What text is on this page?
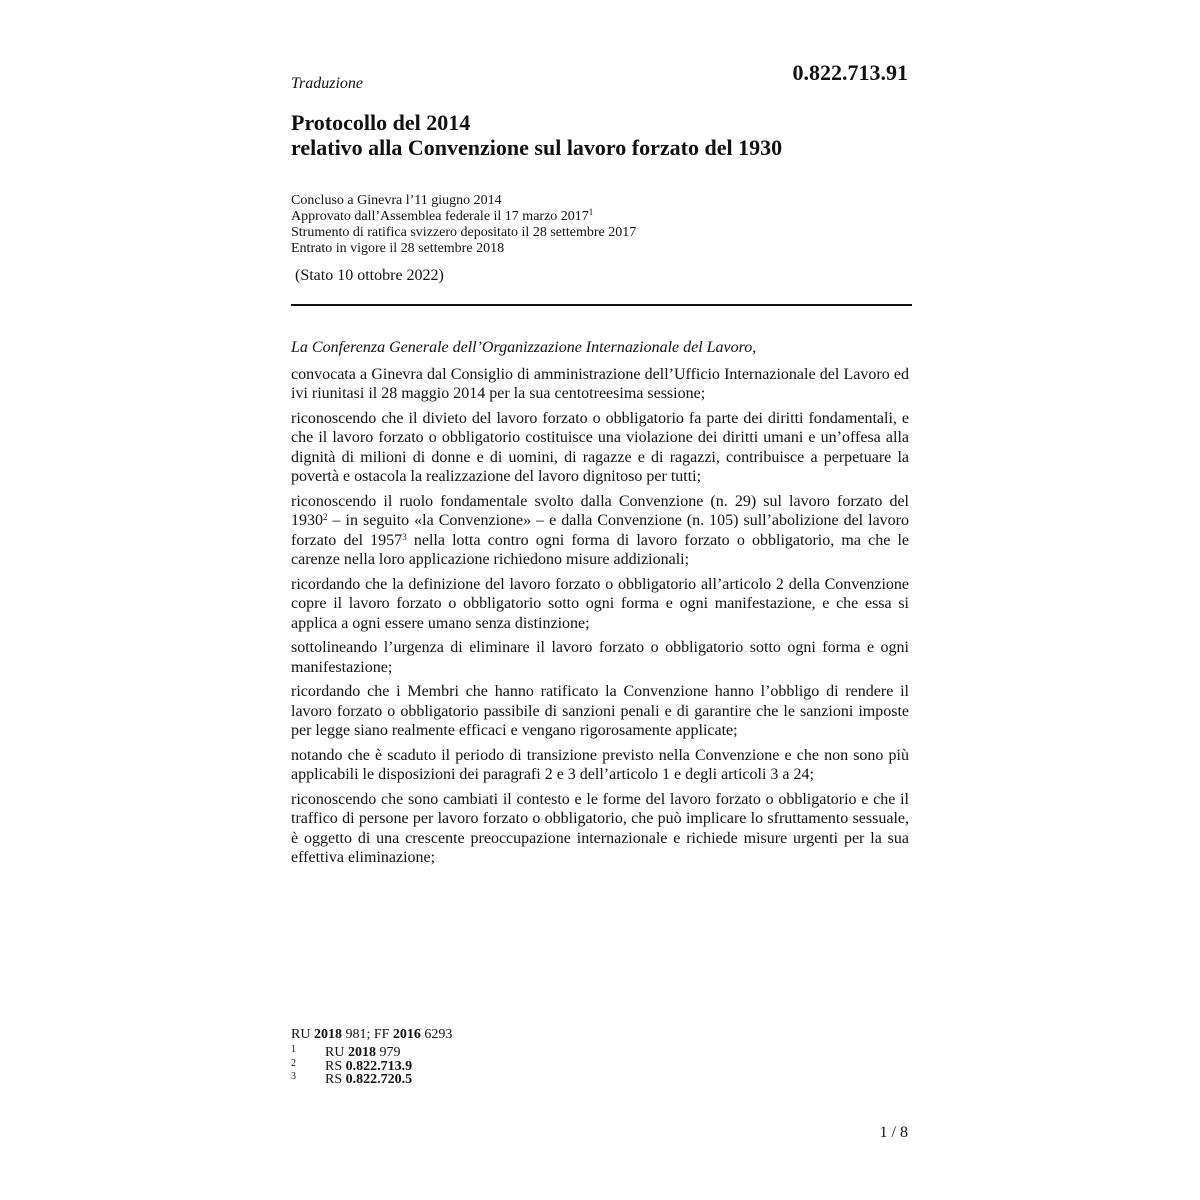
Traduzione	0.822.713.91

Protocollo del 2014
relativo alla Convenzione sul lavoro forzato del 1930
Concluso a Ginevra l’11 giugno 2014
Approvato dall’Assemblea federale il 17 marzo 2017$^1$
Strumento di ratifica svizzero depositato il 28 settembre 2017
Entrato in vigore il 28 settembre 2018

(Stato 10 ottobre 2022)

La Conferenza Generale dell’Organizzazione Internazionale del Lavoro,

convocata a Ginevra dal Consiglio di amministrazione dell’Ufficio Internazionale del Lavoro ed ivi riunitasi il 28 maggio 2014 per la sua centotreesima sessione;

riconoscendo che il divieto del lavoro forzato o obbligatorio fa parte dei diritti fondamentali, e che il lavoro forzato o obbligatorio costituisce una violazione dei diritti umani e un’offesa alla dignità di milioni di donne e di uomini, di ragazze e di ragazzi, contribuisce a perpetuare la povertà e ostacola la realizzazione del lavoro dignitoso per tutti;

riconoscendo il ruolo fondamentale svolto dalla Convenzione (n. 29) sul lavoro forzato del 1930$^2$ – in seguito «la Convenzione» – e dalla Convenzione (n. 105) sull’abolizione del lavoro forzato del 1957$^3$ nella lotta contro ogni forma di lavoro forzato o obbligatorio, ma che le carenze nella loro applicazione richiedono misure addizionali;

ricordando che la definizione del lavoro forzato o obbligatorio all’articolo 2 della Convenzione copre il lavoro forzato o obbligatorio sotto ogni forma e ogni manifestazione, e che essa si applica a ogni essere umano senza distinzione;

sottolineando l’urgenza di eliminare il lavoro forzato o obbligatorio sotto ogni forma e ogni manifestazione;

ricordando che i Membri che hanno ratificato la Convenzione hanno l’obbligo di rendere il lavoro forzato o obbligatorio passibile di sanzioni penali e di garantire che le sanzioni imposte per legge siano realmente efficaci e vengano rigorosamente applicate;

notando che è scaduto il periodo di transizione previsto nella Convenzione e che non sono più applicabili le disposizioni dei paragrafi 2 e 3 dell’articolo 1 e degli articoli 3 a 24;

riconoscendo che sono cambiati il contesto e le forme del lavoro forzato o obbligatorio e che il traffico di persone per lavoro forzato o obbligatorio, che può implicare lo sfruttamento sessuale, è oggetto di una crescente preoccupazione internazionale e richiede misure urgenti per la sua effettiva eliminazione;

RU 2018 981; FF 2016 6293
1	RU 2018 979
2	RS 0.822.713.9
3	RS 0.822.720.5

1 / 8
